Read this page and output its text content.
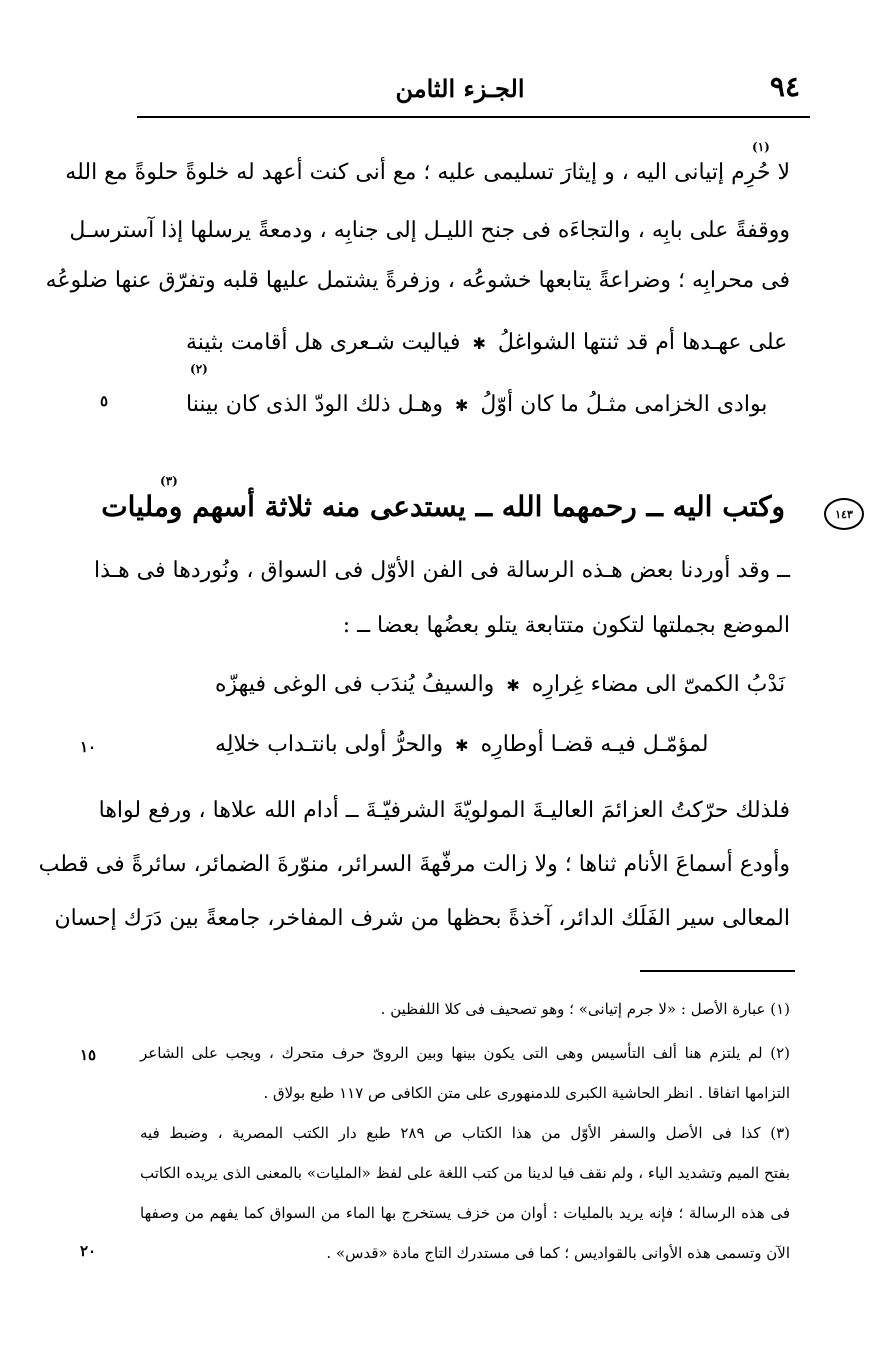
٩٤
الجـزء الثامن
(١)
لا حُرِم إتيانى اليه ، و إيثارَ تسليمى عليه ؛ مع أنى كنت أعهد له خلوةً حلوةً مع الله
ووقفةً على بابِه ، والتجاءَه فى جنح الليـل إلى جنابِه ، ودمعةً يرسلها إذا آسترسـل
فى محرابِه ؛ وضراعةً يتابعها خشوعُه ، وزفرةً يشتمل عليها قلبه وتفرّق عنها ضلوعُه
على عهـدها أم قد ثنتها الشواغلُ✱فياليت شـعرى هل أقامت بثينة
(٢)
بوادى الخزامى مثـلُ ما كان أوّلُ✱وهـل ذلك الودّ الذى كان بيننا
٥
(٣)
وكتب اليه ــ رحمهما الله ــ يستدعى منه ثلاثة أسهم ومليات	١٤٣
ــ وقد أوردنا بعض هـذه الرسالة فى الفن الأوّل فى السواق ، ونُوردها فى هـذا
الموضع بجملتها لتكون متتابعة يتلو بعضُها بعضا ــ :
نَدْبُ الكمىّ الى مضاء غِرارِه✱والسيفُ يُندَب فى الوغى فيهزّه
لمؤمّـل فيـه قضـا أوطارِه✱والحرُّ أولى بانتـداب خلالِه
١٠
فلذلك حرّكتُ العزائمَ العاليـةَ المولويّةَ الشرفيّـةَ ــ أدام الله علاها ، ورفع لواها
وأودع أسماعَ الأنام ثناها ؛ ولا زالت مرفّهةَ السرائر، منوّرةَ الضمائر، سائرةً فى قطب
المعالى سير الفَلَك الدائر، آخذةً بحظها من شرف المفاخر، جامعةً بين دَرَك إحسان
(١) عبارة الأصل : «لا جرم إتيانى» ؛ وهو تصحيف فى كلا اللفظين .
(٢) لم يلتزم هنا ألف التأسيس وهى التى يكون بينها وبين الروىّ حرف متحرك ، ويجب على الشاعر
١٥
التزامها اتفاقا . انظر الحاشية الكبرى للدمنهورى على متن الكافى ص ١١٧ طبع بولاق .
(٣) كذا فى الأصل والسفر الأوّل من هذا الكتاب ص ٢٨٩ طبع دار الكتب المصرية ، وضبط فيه
بفتح الميم وتشديد الياء ، ولم نقف فيا لدينا من كتب اللغة على لفظ «المليات» بالمعنى الذى يريده الكاتب
فى هذه الرسالة ؛ فإنه يريد بالمليات : أوان من خزف يستخرج بها الماء من السواق كما يفهم من وصفها
الآن وتسمى هذه الأوانى بالقواديس ؛ كما فى مستدرك التاج مادة «قدس» .
٢٠
